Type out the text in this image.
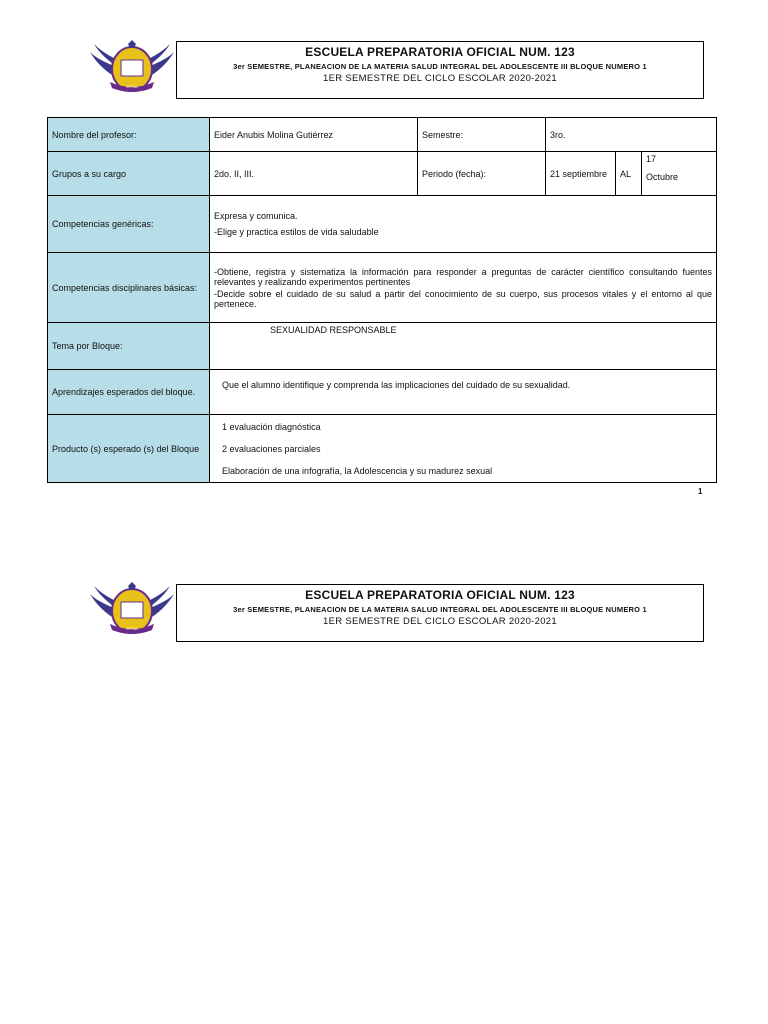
EPOA
ESCUELA PREPARATORIA OFICIAL NUM. 123
3er SEMESTRE, PLANEACION DE LA MATERIA SALUD INTEGRAL DEL ADOLESCENTE III BLOQUE NUMERO 1
1ER SEMESTRE DEL CICLO ESCOLAR 2020-2021
Nombre del profesor:	Eider Anubis Molina Gutiérrez	Semestre:	3ro.		

Grupos a su cargo	2do. II, III.	Periodo (fecha):	21 septiembre	AL	17
Octubre

Competencias genéricas:	Expresa y comunica.
-Elige y practica estilos de vida saludable				

Competencias disciplinares básicas:	-Obtiene, registra y sistematiza la información para responder a preguntas de carácter científico consultando fuentes relevantes y realizando experimentos pertinentes
-Decide sobre el cuidado de su salud a partir del conocimiento de su cuerpo, sus procesos vitales y el entorno al que pertenece.				

Tema por Bloque:	SEXUALIDAD RESPONSABLE				

Aprendizajes esperados del bloque.	Que el alumno identifique y comprenda las implicaciones del cuidado de su sexualidad.				

Producto (s) esperado (s) del Bloque	1 evaluación diagnóstica
2 evaluaciones parciales
Elaboración de una infografía, la Adolescencia y su madurez sexual				
1
EPOA
ESCUELA PREPARATORIA OFICIAL NUM. 123
3er SEMESTRE, PLANEACION DE LA MATERIA SALUD INTEGRAL DEL ADOLESCENTE III BLOQUE NUMERO 1
1ER SEMESTRE DEL CICLO ESCOLAR 2020-2021
